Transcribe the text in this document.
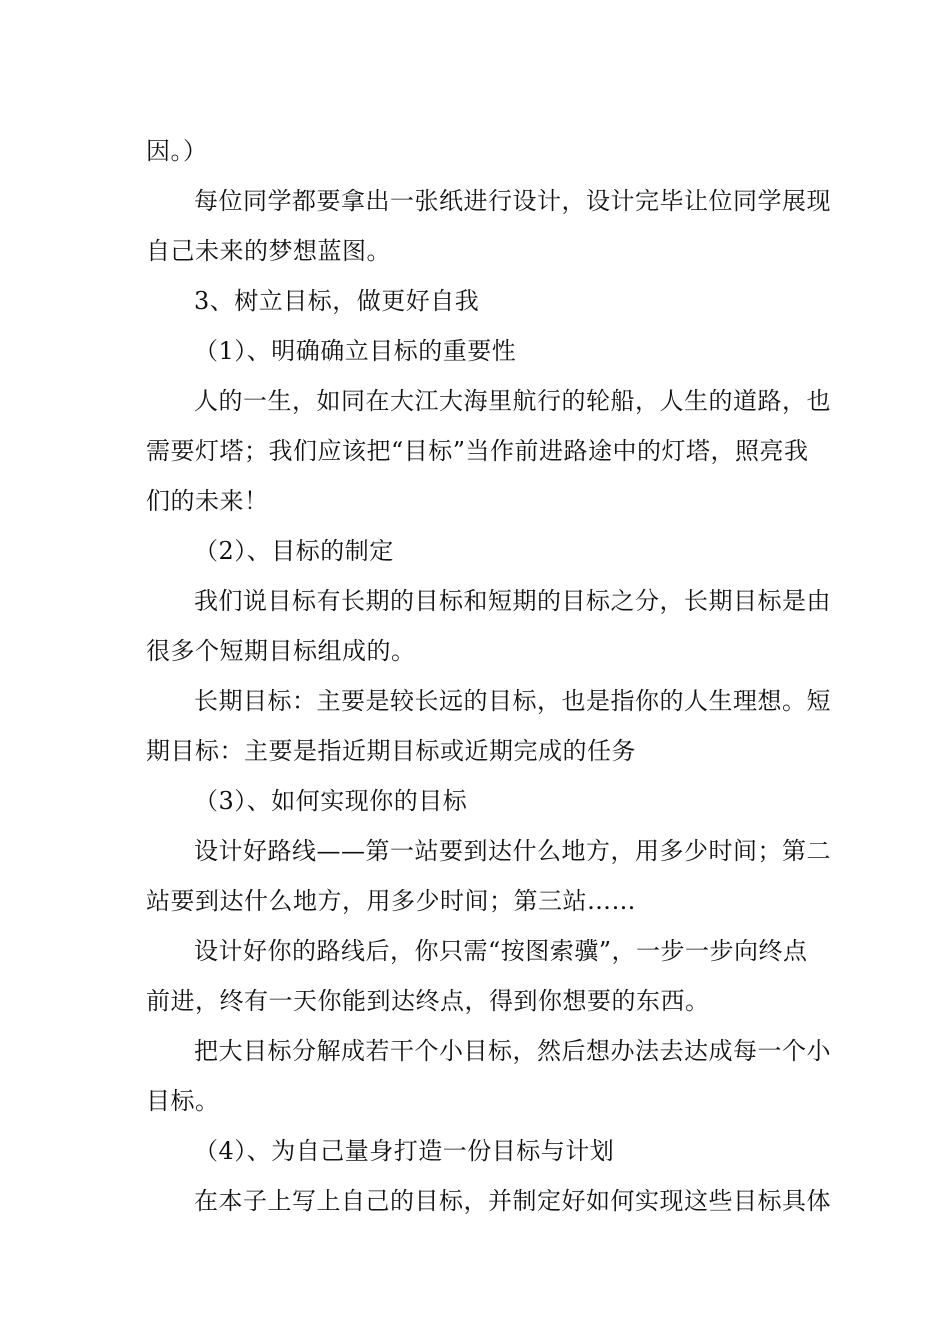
因。）
每位同学都要拿出一张纸进行设计，设计完毕让位同学展现
自己未来的梦想蓝图。
3、树立目标，做更好自我
（1）、明确确立目标的重要性
人的一生，如同在大江大海里航行的轮船，人生的道路，也
需要灯塔；我们应该把“目标”当作前进路途中的灯塔，照亮我
们的未来！
（2）、目标的制定
我们说目标有长期的目标和短期的目标之分，长期目标是由
很多个短期目标组成的。
长期目标：主要是较长远的目标，也是指你的人生理想。短
期目标：主要是指近期目标或近期完成的任务
（3）、如何实现你的目标
设计好路线——第一站要到达什么地方，用多少时间；第二
站要到达什么地方，用多少时间；第三站……
设计好你的路线后，你只需“按图索骥”，一步一步向终点
前进，终有一天你能到达终点，得到你想要的东西。
把大目标分解成若干个小目标，然后想办法去达成每一个小
目标。
（4）、为自己量身打造一份目标与计划
在本子上写上自己的目标，并制定好如何实现这些目标具体
